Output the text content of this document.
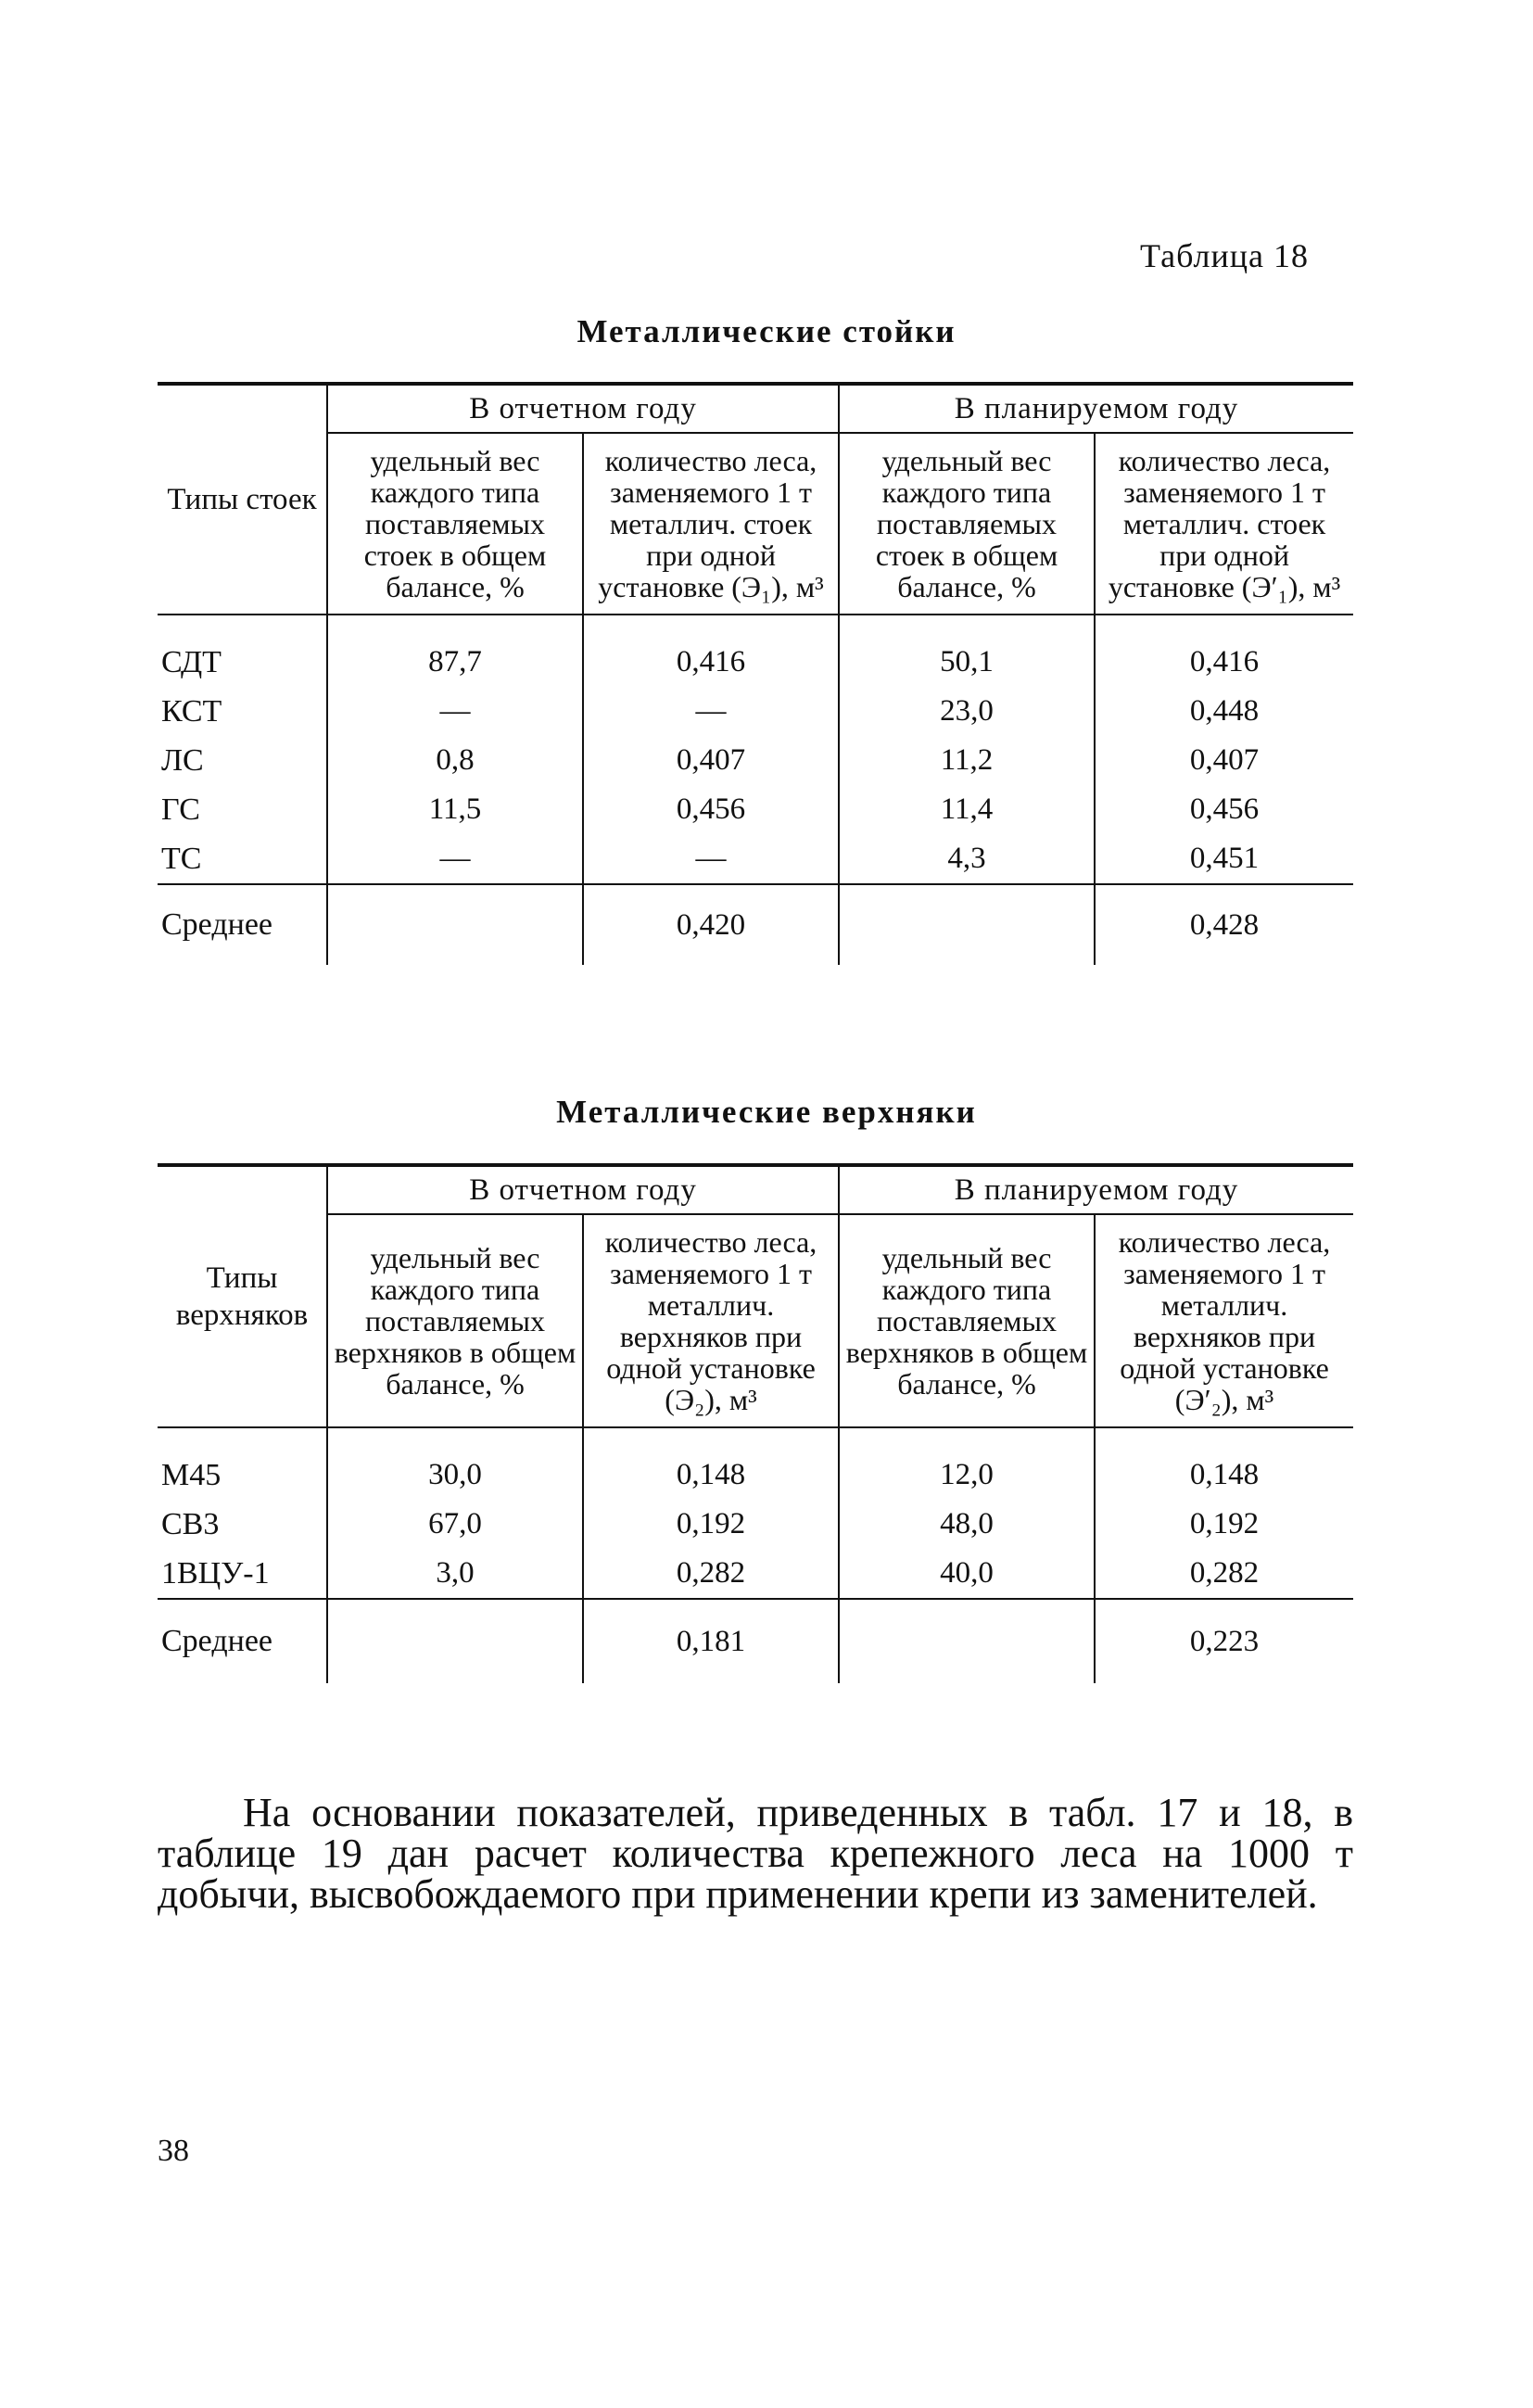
Таблица 18
Металлические стойки
Типы стоек	В отчетном году		В планируемом году	
	удельный вес каждого типа поставляемых стоек в общем балансе, %	количество леса, заменяемого 1 т металлич. стоек при одной установке (Э₁), м³	удельный вес каждого типа поставляемых стоек в общем балансе, %	количество леса, заменяемого 1 т металлич. стоек при одной установке (Э′₁), м³
СДТ	87,7	0,416	50,1	0,416
КСТ	—	—	23,0	0,448
ЛС	0,8	0,407	11,2	0,407
ГС	11,5	0,456	11,4	0,456
ТС	—	—	4,3	0,451
Среднее		0,420		0,428
Металлические верхняки
Типы верхняков	В отчетном году		В планируемом году	
	удельный вес каждого типа поставляемых верхняков в общем балансе, %	количество леса, заменяемого 1 т металлич. верхняков при одной установке (Э₂), м³	удельный вес каждого типа поставляемых верхняков в общем балансе, %	количество леса, заменяемого 1 т металлич. верхняков при одной установке (Э′₂), м³
М45	30,0	0,148	12,0	0,148
СВ3	67,0	0,192	48,0	0,192
1ВЦУ-1	3,0	0,282	40,0	0,282
Среднее		0,181		0,223

На основании показателей, приведенных в табл. 17 и 18, в таблице 19 дан расчет количества крепежного леса на 1000 т добычи, высвобождаемого при применении крепи из заменителей.

38
